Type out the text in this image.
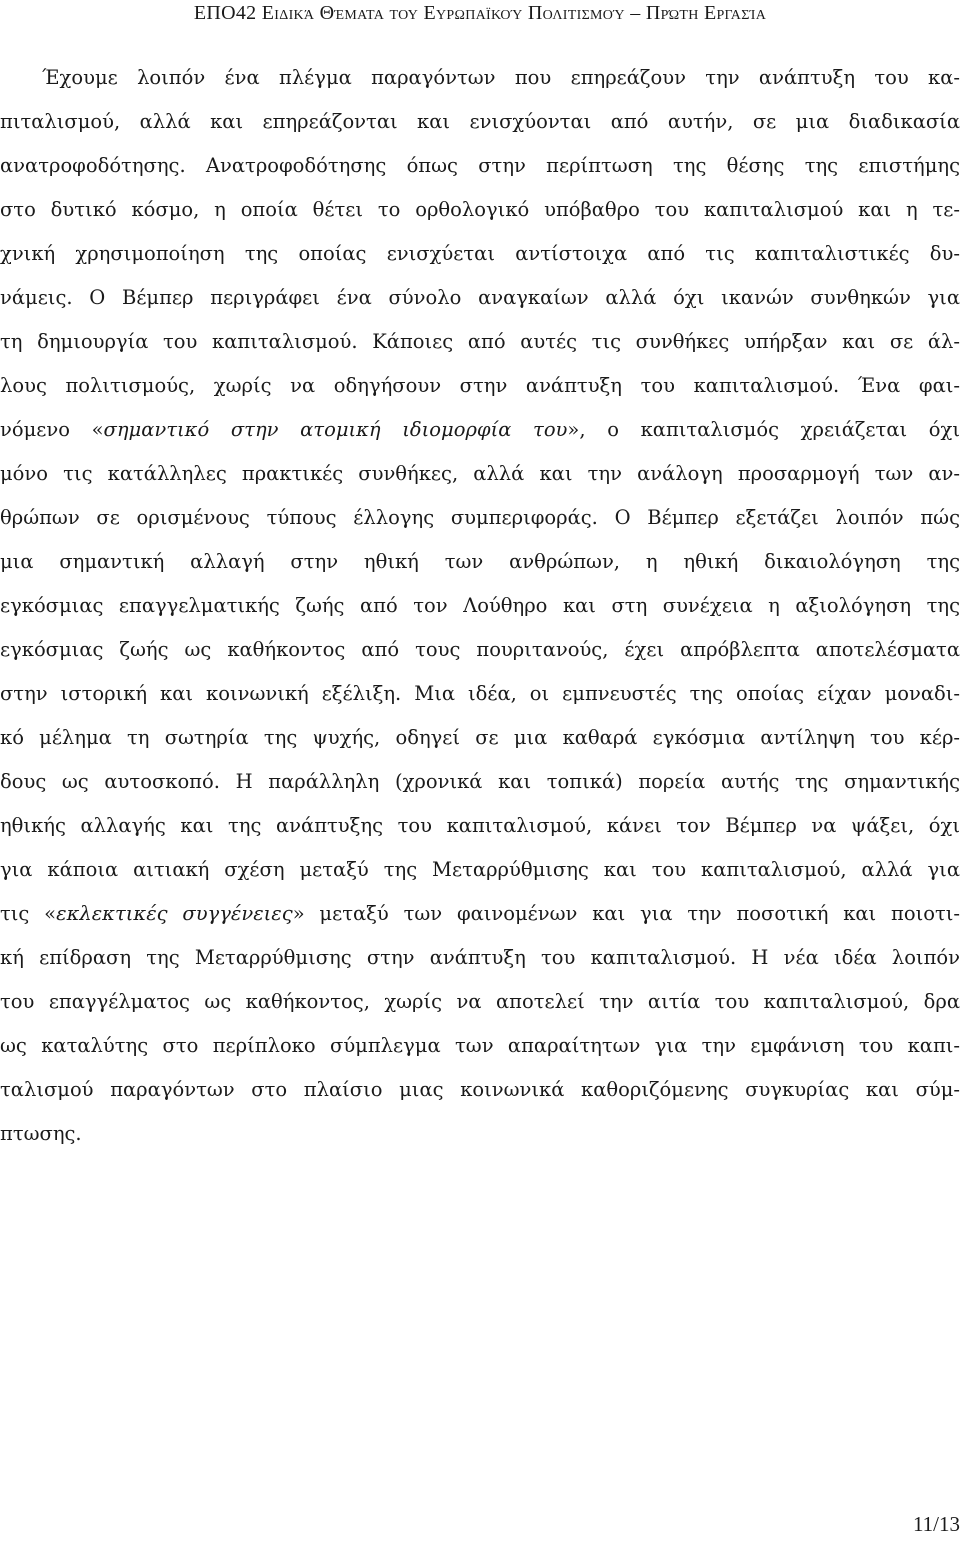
ΕΠΟ42 Ειδικά Θέματα του Ευρωπαϊκού Πολιτισμού – Πρώτη Εργασία
Έχουμε λοιπόν ένα πλέγμα παραγόντων που επηρεάζουν την ανάπτυξη του κα-
πιταλισμού, αλλά και επηρεάζονται και ενισχύονται από αυτήν, σε μια διαδικασία
ανατροφοδότησης. Ανατροφοδότησης όπως στην περίπτωση της θέσης της επιστήμης
στο δυτικό κόσμο, η οποία θέτει το ορθολογικό υπόβαθρο του καπιταλισμού και η τε-
χνική χρησιμοποίηση της οποίας ενισχύεται αντίστοιχα από τις καπιταλιστικές δυ-
νάμεις. Ο Βέμπερ περιγράφει ένα σύνολο αναγκαίων αλλά όχι ικανών συνθηκών για
τη δημιουργία του καπιταλισμού. Κάποιες από αυτές τις συνθήκες υπήρξαν και σε άλ-
λους πολιτισμούς, χωρίς να οδηγήσουν στην ανάπτυξη του καπιταλισμού. Ένα φαι-
νόμενο «σημαντικό στην ατομική ιδιομορφία του», ο καπιταλισμός χρειάζεται όχι
μόνο τις κατάλληλες πρακτικές συνθήκες, αλλά και την ανάλογη προσαρμογή των αν-
θρώπων σε ορισμένους τύπους έλλογης συμπεριφοράς. Ο Βέμπερ εξετάζει λοιπόν πώς
μια σημαντική αλλαγή στην ηθική των ανθρώπων, η ηθική δικαιολόγηση της
εγκόσμιας επαγγελματικής ζωής από τον Λούθηρο και στη συνέχεια η αξιολόγηση της
εγκόσμιας ζωής ως καθήκοντος από τους πουριτανούς, έχει απρόβλεπτα αποτελέσματα
στην ιστορική και κοινωνική εξέλιξη. Μια ιδέα, οι εμπνευστές της οποίας είχαν μοναδι-
κό μέλημα τη σωτηρία της ψυχής, οδηγεί σε μια καθαρά εγκόσμια αντίληψη του κέρ-
δους ως αυτοσκοπό. Η παράλληλη (χρονικά και τοπικά) πορεία αυτής της σημαντικής
ηθικής αλλαγής και της ανάπτυξης του καπιταλισμού, κάνει τον Βέμπερ να ψάξει, όχι
για κάποια αιτιακή σχέση μεταξύ της Μεταρρύθμισης και του καπιταλισμού, αλλά για
τις «εκλεκτικές συγγένειες» μεταξύ των φαινομένων και για την ποσοτική και ποιοτι-
κή επίδραση της Μεταρρύθμισης στην ανάπτυξη του καπιταλισμού. Η νέα ιδέα λοιπόν
του επαγγέλματος ως καθήκοντος, χωρίς να αποτελεί την αιτία του καπιταλισμού, δρα
ως καταλύτης στο περίπλοκο σύμπλεγμα των απαραίτητων για την εμφάνιση του καπι-
ταλισμού παραγόντων στο πλαίσιο μιας κοινωνικά καθοριζόμενης συγκυρίας και σύμ-
πτωσης.
11/13
